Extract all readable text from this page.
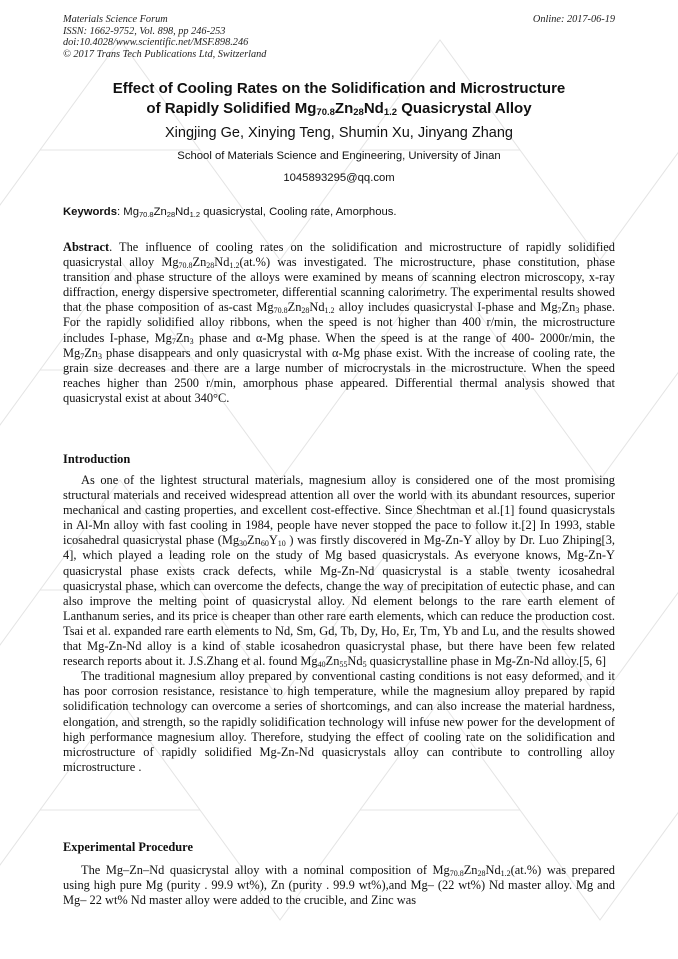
Materials Science Forum
ISSN: 1662-9752, Vol. 898, pp 246-253
doi:10.4028/www.scientific.net/MSF.898.246
© 2017 Trans Tech Publications Ltd, Switzerland
Online: 2017-06-19
Effect of Cooling Rates on the Solidification and Microstructure
of Rapidly Solidified $Mg_{70.8}Zn_{28}Nd_{1.2}$ Quasicrystal Alloy
Xingjing Ge, Xinying Teng, Shumin Xu, Jinyang Zhang
School of Materials Science and Engineering, University of Jinan
1045893295@qq.com
Keywords: $Mg_{70.8}Zn_{28}Nd_{1.2}$ quasicrystal, Cooling rate, Amorphous.
Abstract. The influence of cooling rates on the solidification and microstructure of rapidly solidified quasicrystal alloy $Mg_{70.8}Zn_{28}Nd_{1.2}(at.\%)$ was investigated. The microstructure, phase constitution, phase transition and phase structure of the alloys were examined by means of scanning electron microscopy, x-ray diffraction, energy dispersive spectrometer, differential scanning calorimetry. The experimental results showed that the phase composition of as-cast $Mg_{70.8}Zn_{28}Nd_{1.2}$ alloy includes quasicrystal I-phase and $Mg_7Zn_3$ phase. For the rapidly solidified alloy ribbons, when the speed is not higher than 400 r/min, the microstructure includes I-phase, $Mg_7Zn_3$ phase and α-Mg phase. When the speed is at the range of 400- 2000r/min, the $Mg_7Zn_3$ phase disappears and only quasicrystal with α-Mg phase exist. With the increase of cooling rate, the grain size decreases and there are a large number of microcrystals in the microstructure. When the speed reaches higher than 2500 r/min, amorphous phase appeared. Differential thermal analysis showed that quasicrystal exist at about 340°C.
Introduction

As one of the lightest structural materials, magnesium alloy is considered one of the most promising structural materials and received widespread attention all over the world with its abundant resources, superior mechanical and casting properties, and excellent cost-effective. Since Shechtman et al.[1] found quasicrystals in Al-Mn alloy with fast cooling in 1984, people have never stopped the pace to follow it.[2] In 1993, stable icosahedral quasicrystal phase ($Mg_{30}Zn_{60}Y_{10}$ ) was firstly discovered in Mg-Zn-Y alloy by Dr. Luo Zhiping[3, 4], which played a leading role on the study of Mg based quasicrystals. As everyone knows, Mg-Zn-Y quasicrystal phase exists crack defects, while Mg-Zn-Nd quasicrystal is a stable twenty icosahedral quasicrystal phase, which can overcome the defects, change the way of precipitation of eutectic phase, and can also improve the melting point of quasicrystal alloy. Nd element belongs to the rare earth element of Lanthanum series, and its price is cheaper than other rare earth elements, which can reduce the production cost. Tsai et al. expanded rare earth elements to Nd, Sm, Gd, Tb, Dy, Ho, Er, Tm, Yb and Lu, and the results showed that Mg-Zn-Nd alloy is a kind of stable icosahedron quasicrystal phase, but there have been few related research reports about it. J.S.Zhang et al. found $Mg_{40}Zn_{55}Nd_5$ quasicrystalline phase in Mg-Zn-Nd alloy.[5, 6]

The traditional magnesium alloy prepared by conventional casting conditions is not easy deformed, and it has poor corrosion resistance, resistance to high temperature, while the magnesium alloy prepared by rapid solidification technology can overcome a series of shortcomings, and can also increase the material hardness, elongation, and strength, so the rapidly solidification technology will infuse new power for the development of high performance magnesium alloy. Therefore, studying the effect of cooling rate on the solidification and microstructure of rapidly solidified Mg-Zn-Nd quasicrystals alloy can contribute to controlling alloy microstructure .

Experimental Procedure

The Mg–Zn–Nd quasicrystal alloy with a nominal composition of $Mg_{70.8}Zn_{28}Nd_{1.2}(at.\%)$ was prepared using high pure Mg (purity . 99.9 wt%), Zn (purity . 99.9 wt%),and Mg– (22 wt%) Nd master alloy. Mg and Mg– 22 wt% Nd master alloy were added to the crucible, and Zinc was
